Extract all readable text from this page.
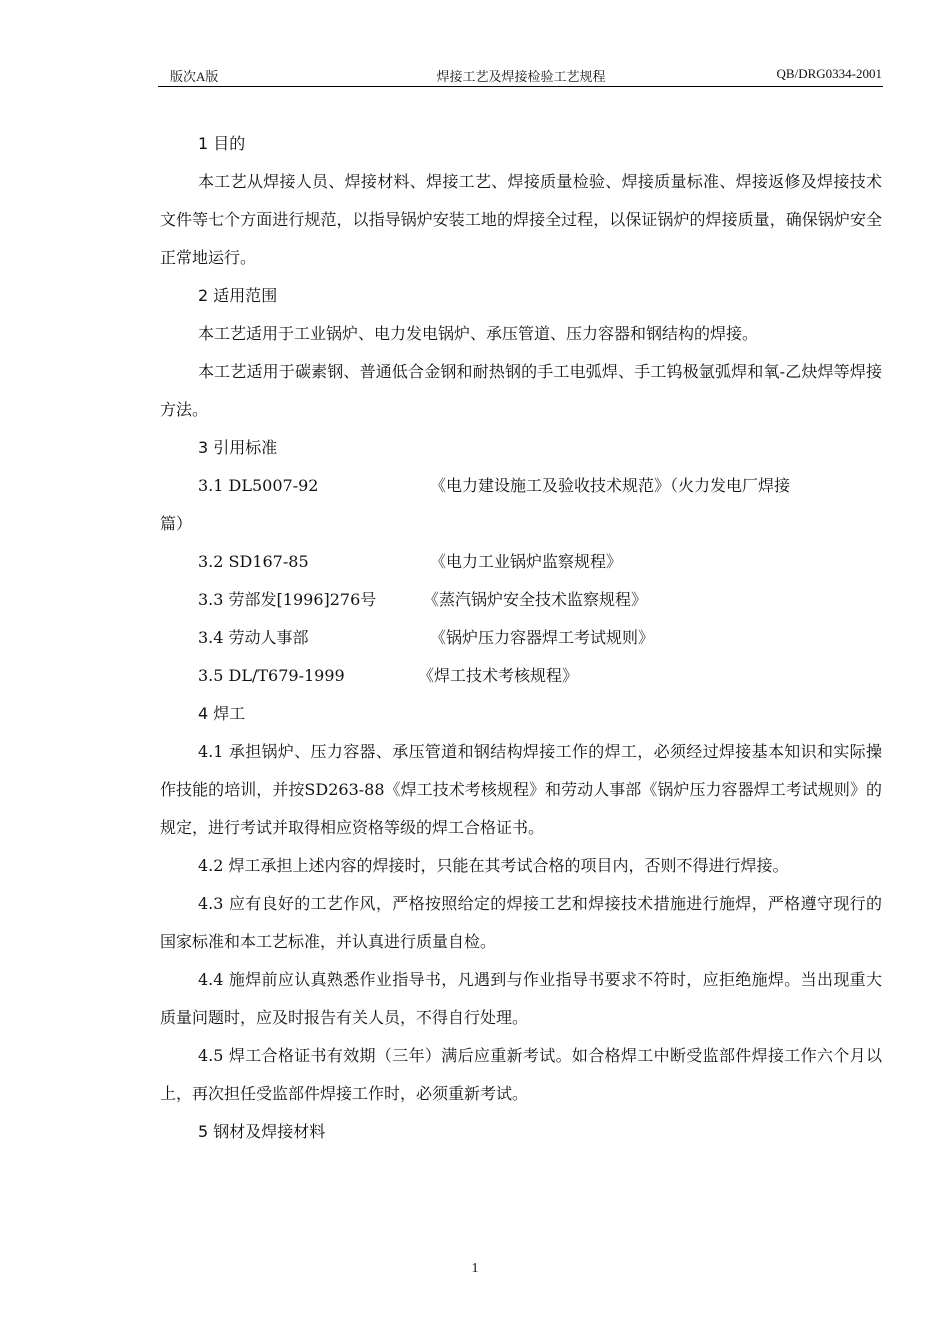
版次A版	焊接工艺及焊接检验工艺规程	QB/DRG0334-2001
1 目的

本工艺从焊接人员、焊接材料、焊接工艺、焊接质量检验、焊接质量标准、焊接返修及焊接技术文件等七个方面进行规范，以指导锅炉安装工地的焊接全过程，以保证锅炉的焊接质量，确保锅炉安全正常地运行。

2 适用范围

本工艺适用于工业锅炉、电力发电锅炉、承压管道、压力容器和钢结构的焊接。

本工艺适用于碳素钢、普通低合金钢和耐热钢的手工电弧焊、手工钨极氩弧焊和氧-乙炔焊等焊接方法。

3 引用标准
3.1 DL5007-92	《电力建设施工及验收技术规范》（火力发电厂焊接
篇）
3.2 SD167-85	《电力工业锅炉监察规程》
3.3 劳部发[1996]276号	《蒸汽锅炉安全技术监察规程》
3.4 劳动人事部	《锅炉压力容器焊工考试规则》
3.5 DL/T679-1999	《焊工技术考核规程》
4 焊工

4.1 承担锅炉、压力容器、承压管道和钢结构焊接工作的焊工，必须经过焊接基本知识和实际操作技能的培训，并按SD263-88《焊工技术考核规程》和劳动人事部《锅炉压力容器焊工考试规则》的规定，进行考试并取得相应资格等级的焊工合格证书。

4.2 焊工承担上述内容的焊接时，只能在其考试合格的项目内，否则不得进行焊接。

4.3 应有良好的工艺作风，严格按照给定的焊接工艺和焊接技术措施进行施焊，严格遵守现行的国家标准和本工艺标准，并认真进行质量自检。

4.4 施焊前应认真熟悉作业指导书，凡遇到与作业指导书要求不符时，应拒绝施焊。当出现重大质量问题时，应及时报告有关人员，不得自行处理。

4.5 焊工合格证书有效期（三年）满后应重新考试。如合格焊工中断受监部件焊接工作六个月以上，再次担任受监部件焊接工作时，必须重新考试。

5 钢材及焊接材料
1
